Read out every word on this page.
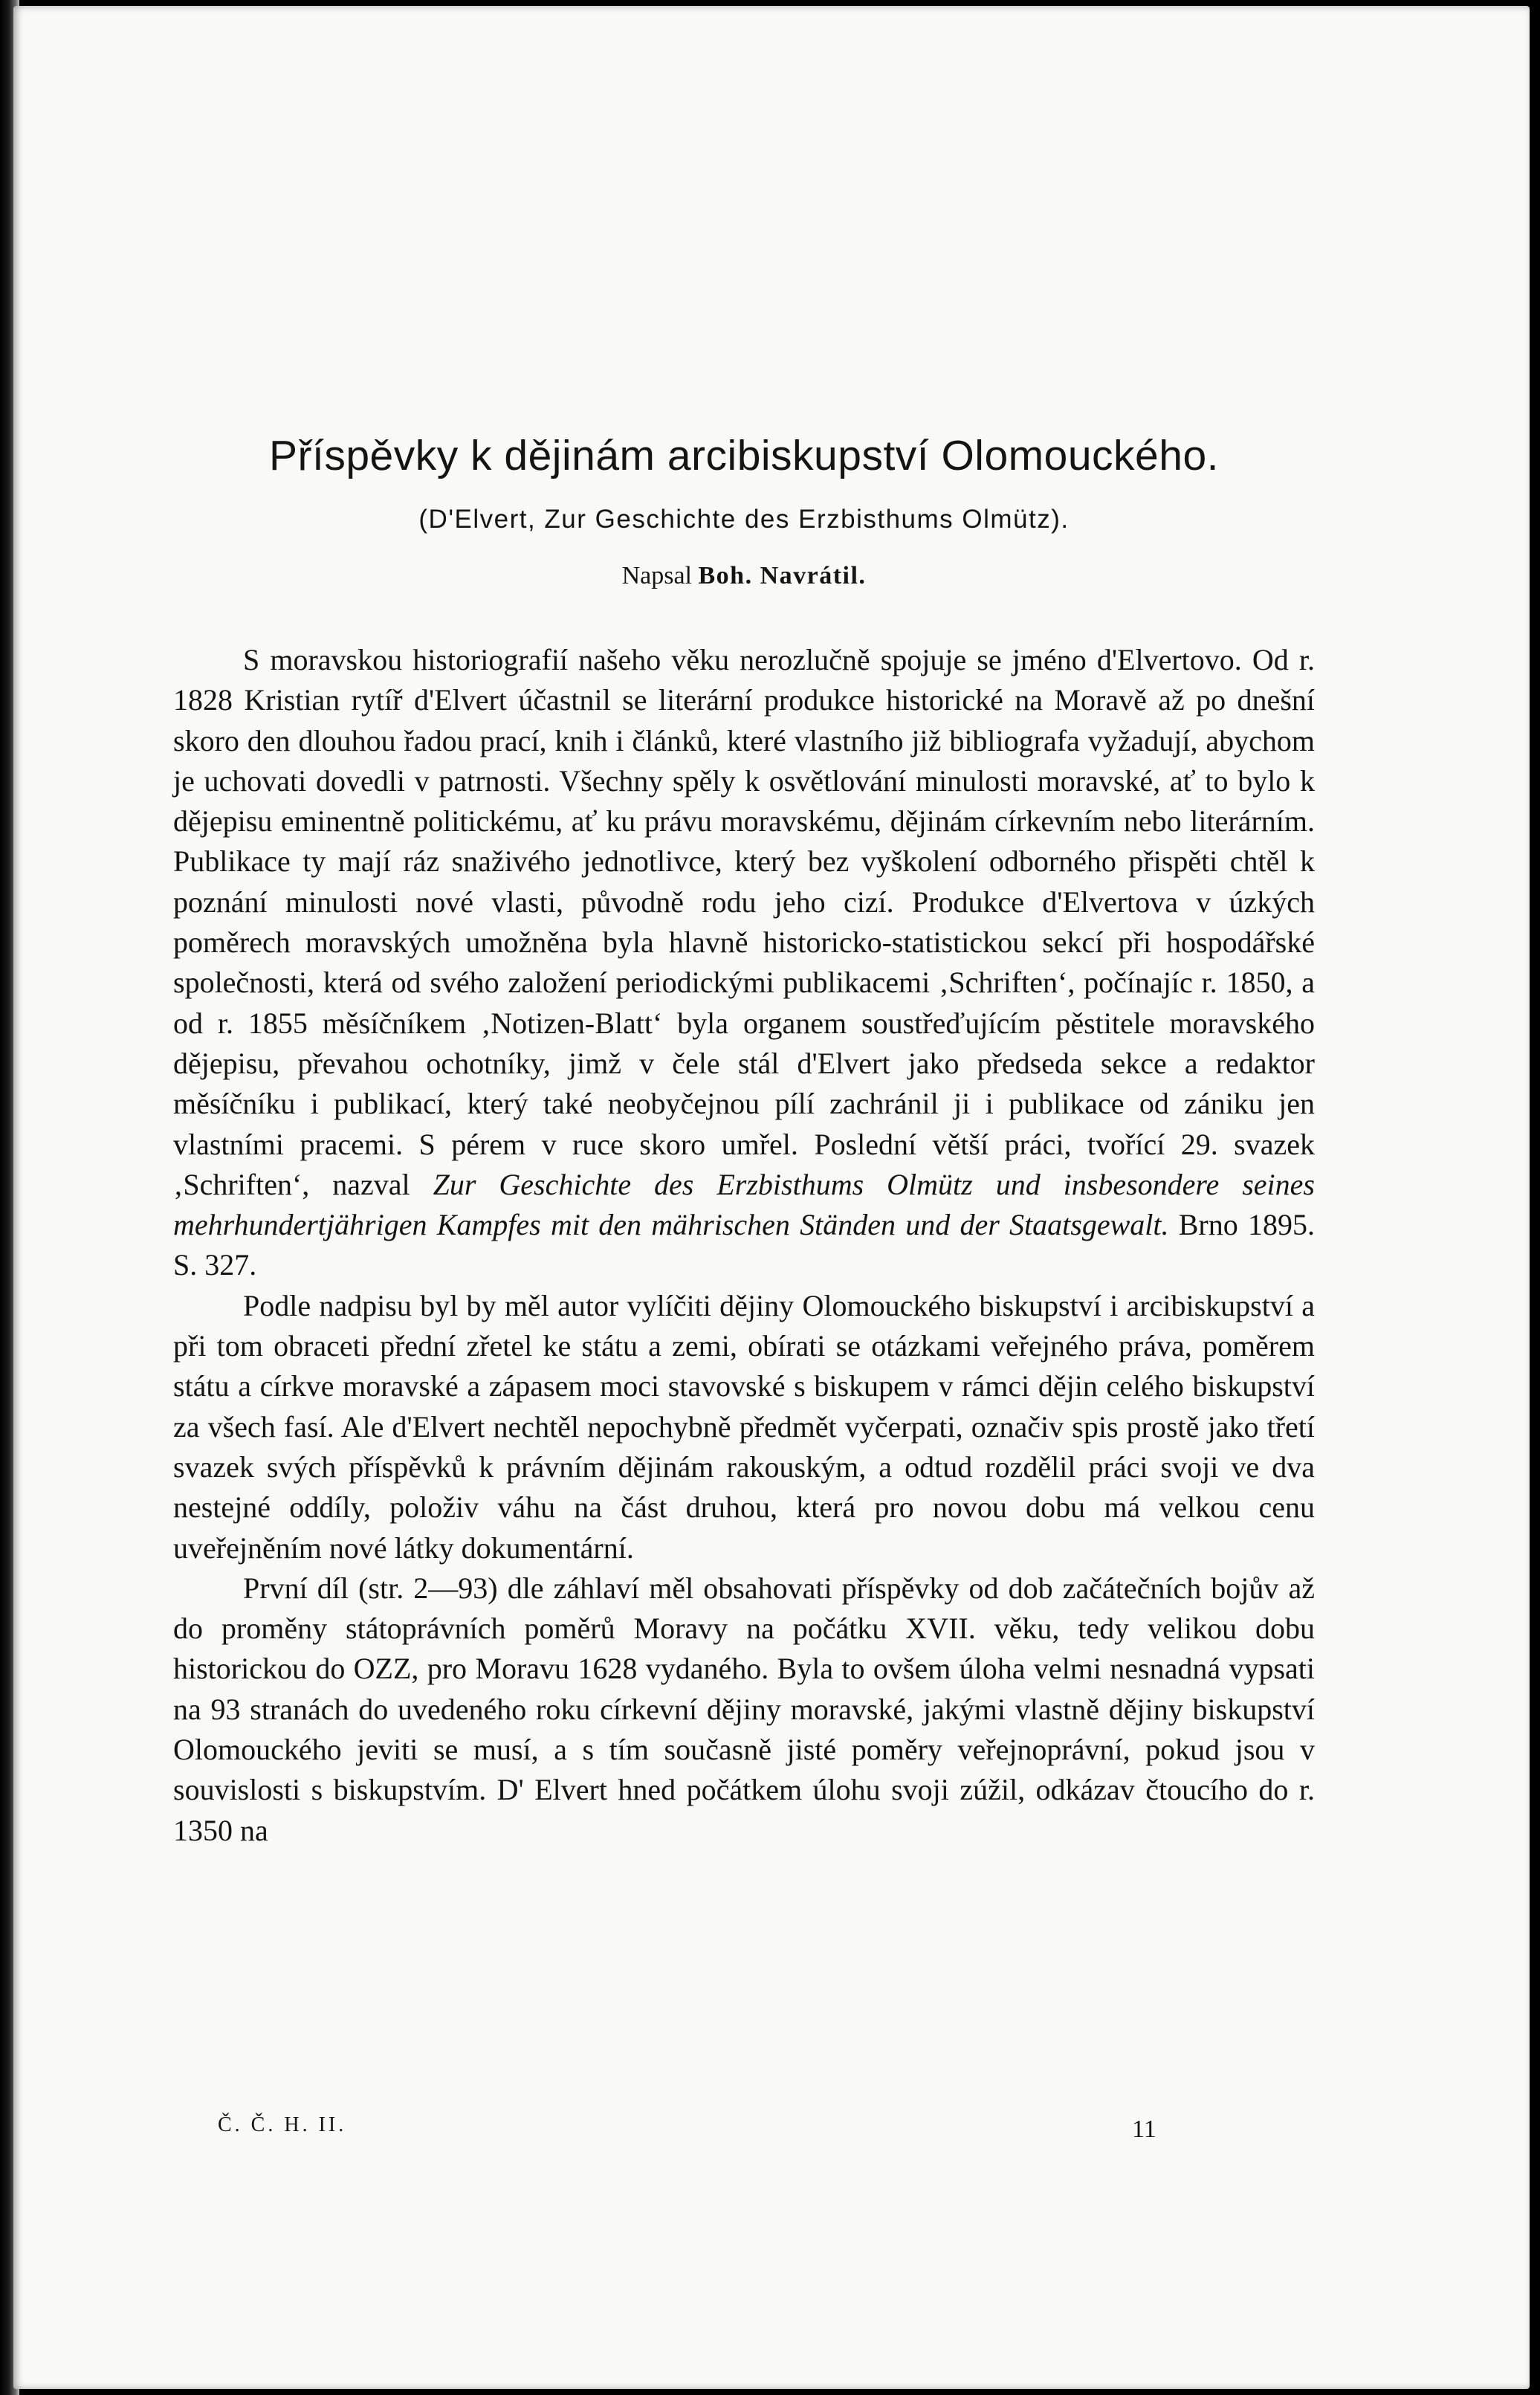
Příspěvky k dějinám arcibiskupství Olomouckého.
(D'Elvert, Zur Geschichte des Erzbisthums Olmütz).
Napsal Boh. Navrátil.

S moravskou historiografií našeho věku nerozlučně spojuje se jméno d'Elvertovo. Od r. 1828 Kristian rytíř d'Elvert účastnil se literární produkce historické na Moravě až po dnešní skoro den dlouhou řadou prací, knih i článků, které vlastního již bibliografa vyžadují, abychom je uchovati dovedli v patrnosti. Všechny spěly k osvětlování minulosti moravské, ať to bylo k dějepisu eminentně politickému, ať ku právu moravskému, dějinám církevním nebo literárním. Publikace ty mají ráz snaživého jednotlivce, který bez vyškolení odborného přispěti chtěl k poznání minulosti nové vlasti, původně rodu jeho cizí. Produkce d'Elvertova v úzkých poměrech moravských umožněna byla hlavně historicko-statistickou sekcí při hospodářské společnosti, která od svého založení periodickými publikacemi ‚Schriften‘, počínajíc r. 1850, a od r. 1855 měsíčníkem ‚Notizen-Blatt‘ byla organem soustřeďujícím pěstitele moravského dějepisu, převahou ochotníky, jimž v čele stál d'Elvert jako předseda sekce a redaktor měsíčníku i publikací, který také neobyčejnou pílí zachránil ji i publikace od zániku jen vlastními pracemi. S pérem v ruce skoro umřel. Poslední větší práci, tvořící 29. svazek ‚Schriften‘, nazval Zur Geschichte des Erzbisthums Olmütz und insbesondere seines mehrhundertjährigen Kampfes mit den mährischen Ständen und der Staatsgewalt. Brno 1895. S. 327.

Podle nadpisu byl by měl autor vylíčiti dějiny Olomouckého biskupství i arcibiskupství a při tom obraceti přední zřetel ke státu a zemi, obírati se otázkami veřejného práva, poměrem státu a církve moravské a zápasem moci stavovské s biskupem v rámci dějin celého biskupství za všech fasí. Ale d'Elvert nechtěl nepochybně předmět vyčerpati, označiv spis prostě jako třetí svazek svých příspěvků k právním dějinám rakouským, a odtud rozdělil práci svoji ve dva nestejné oddíly, položiv váhu na část druhou, která pro novou dobu má velkou cenu uveřejněním nové látky dokumentární.

První díl (str. 2—93) dle záhlaví měl obsahovati příspěvky od dob začátečních bojův až do proměny státoprávních poměrů Moravy na počátku XVII. věku, tedy velikou dobu historickou do OZZ, pro Moravu 1628 vydaného. Byla to ovšem úloha velmi nesnadná vypsati na 93 stranách do uvedeného roku církevní dějiny moravské, jakými vlastně dějiny biskupství Olomouckého jeviti se musí, a s tím současně jisté poměry veřejnoprávní, pokud jsou v souvislosti s biskupstvím. D' Elvert hned počátkem úlohu svoji zúžil, odkázav čtoucího do r. 1350 na

Č. Č. H. II.	11
